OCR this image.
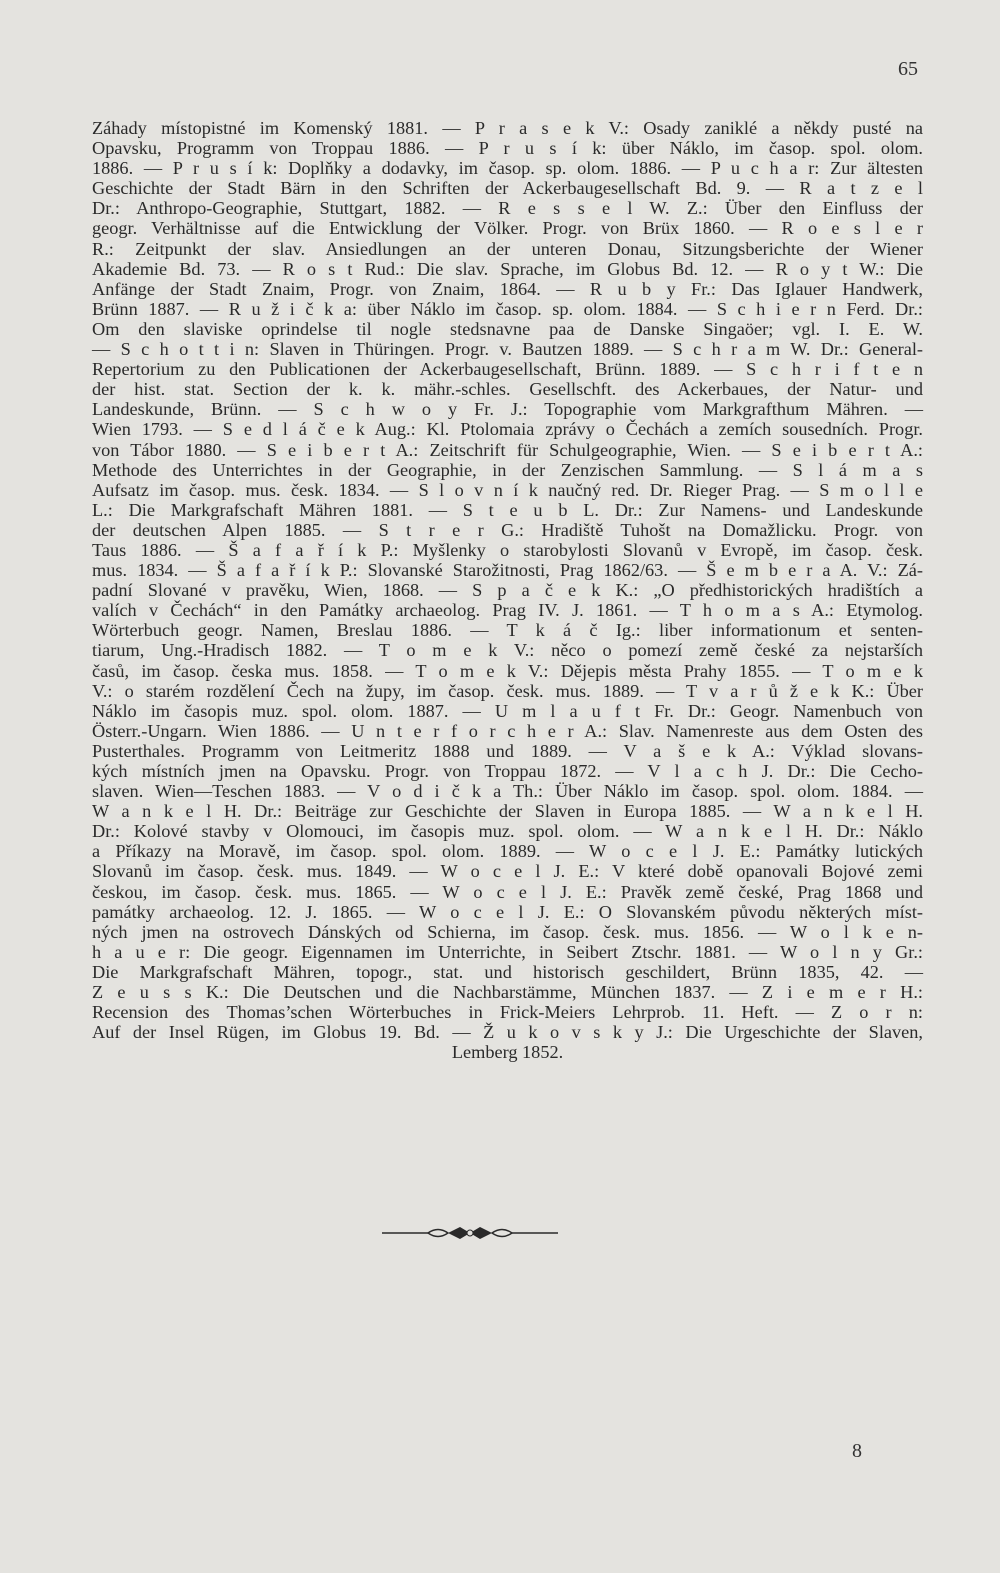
65
Záhady místopistné im Komenský 1881. — P r a s e k V.: Osady zaniklé a někdy pusté na
Opavsku, Programm von Troppau 1886. — P r u s í k: über Náklo, im časop. spol. olom.
1886. — P r u s í k: Doplňky a dodavky, im časop. sp. olom. 1886. — P u c h a r: Zur ältesten
Geschichte der Stadt Bärn in den Schriften der Ackerbaugesellschaft Bd. 9. — R a t z e l
Dr.: Anthropo-Geographie, Stuttgart, 1882. — R e s s e l W. Z.: Über den Einfluss der
geogr. Verhältnisse auf die Entwicklung der Völker. Progr. von Brüx 1860. — R o e s l e r
R.: Zeitpunkt der slav. Ansiedlungen an der unteren Donau, Sitzungsberichte der Wiener
Akademie Bd. 73. — R o s t Rud.: Die slav. Sprache, im Globus Bd. 12. — R o y t W.: Die
Anfänge der Stadt Znaim, Progr. von Znaim, 1864. — R u b y Fr.: Das Iglauer Handwerk,
Brünn 1887. — R u ž i č k a: über Náklo im časop. sp. olom. 1884. — S c h i e r n Ferd. Dr.:
Om den slaviske oprindelse til nogle stedsnavne paa de Danske Singaöer; vgl. I. E. W.
— S c h o t t i n: Slaven in Thüringen. Progr. v. Bautzen 1889. — S c h r a m W. Dr.: General-
Repertorium zu den Publicationen der Ackerbaugesellschaft, Brünn. 1889. — S c h r i f t e n
der hist. stat. Section der k. k. mähr.-schles. Gesellschft. des Ackerbaues, der Natur- und
Landeskunde, Brünn. — S c h w o y Fr. J.: Topographie vom Markgrafthum Mähren. —
Wien 1793. — S e d l á č e k Aug.: Kl. Ptolomaia zprávy o Čechách a zemích sousedních. Progr.
von Tábor 1880. — S e i b e r t A.: Zeitschrift für Schulgeographie, Wien. — S e i b e r t A.:
Methode des Unterrichtes in der Geographie, in der Zenzischen Sammlung. — S l á m a s
Aufsatz im časop. mus. česk. 1834. — S l o v n í k naučný red. Dr. Rieger Prag. — S m o l l e
L.: Die Markgrafschaft Mähren 1881. — S t e u b L. Dr.: Zur Namens- und Landeskunde
der deutschen Alpen 1885. — S t r e r G.: Hradiště Tuhošt na Domažlicku. Progr. von
Taus 1886. — Š a f a ř í k P.: Myšlenky o starobylosti Slovanů v Evropě, im časop. česk.
mus. 1834. — Š a f a ř í k P.: Slovanské Starožitnosti, Prag 1862/63. — Š e m b e r a A. V.: Zá-
padní Slované v pravěku, Wien, 1868. — S p a č e k K.: „O předhistorických hradištích a
valích v Čechách“ in den Památky archaeolog. Prag IV. J. 1861. — T h o m a s A.: Etymolog.
Wörterbuch geogr. Namen, Breslau 1886. — T k á č Ig.: liber informationum et senten-
tiarum, Ung.-Hradisch 1882. — T o m e k V.: něco o pomezí země české za nejstarších
časů, im časop. česka mus. 1858. — T o m e k V.: Dějepis města Prahy 1855. — T o m e k
V.: o starém rozdělení Čech na župy, im časop. česk. mus. 1889. — T v a r ů ž e k K.: Über
Náklo im časopis muz. spol. olom. 1887. — U m l a u f t Fr. Dr.: Geogr. Namenbuch von
Österr.-Ungarn. Wien 1886. — U n t e r f o r c h e r A.: Slav. Namenreste aus dem Osten des
Pusterthales. Programm von Leitmeritz 1888 und 1889. — V a š e k A.: Výklad slovans-
kých místních jmen na Opavsku. Progr. von Troppau 1872. — V l a c h J. Dr.: Die Cecho-
slaven. Wien—Teschen 1883. — V o d i č k a Th.: Über Náklo im časop. spol. olom. 1884. —
W a n k e l H. Dr.: Beiträge zur Geschichte der Slaven in Europa 1885. — W a n k e l H.
Dr.: Kolové stavby v Olomouci, im časopis muz. spol. olom. — W a n k e l H. Dr.: Náklo
a Příkazy na Moravě, im časop. spol. olom. 1889. — W o c e l J. E.: Památky lutických
Slovanů im časop. česk. mus. 1849. — W o c e l J. E.: V které době opanovali Bojové zemi
českou, im časop. česk. mus. 1865. — W o c e l J. E.: Pravěk země české, Prag 1868 und
památky archaeolog. 12. J. 1865. — W o c e l J. E.: O Slovanském původu některých míst-
ných jmen na ostrovech Dánských od Schierna, im časop. česk. mus. 1856. — W o l k e n-
h a u e r: Die geogr. Eigennamen im Unterrichte, in Seibert Ztschr. 1881. — W o l n y Gr.:
Die Markgrafschaft Mähren, topogr., stat. und historisch geschildert, Brünn 1835, 42. —
Z e u s s K.: Die Deutschen und die Nachbarstämme, München 1837. — Z i e m e r H.:
Recension des Thomas’schen Wörterbuches in Frick-Meiers Lehrprob. 11. Heft. — Z o r n:
Auf der Insel Rügen, im Globus 19. Bd. — Ž u k o v s k y J.: Die Urgeschichte der Slaven,
Lemberg 1852.
8
